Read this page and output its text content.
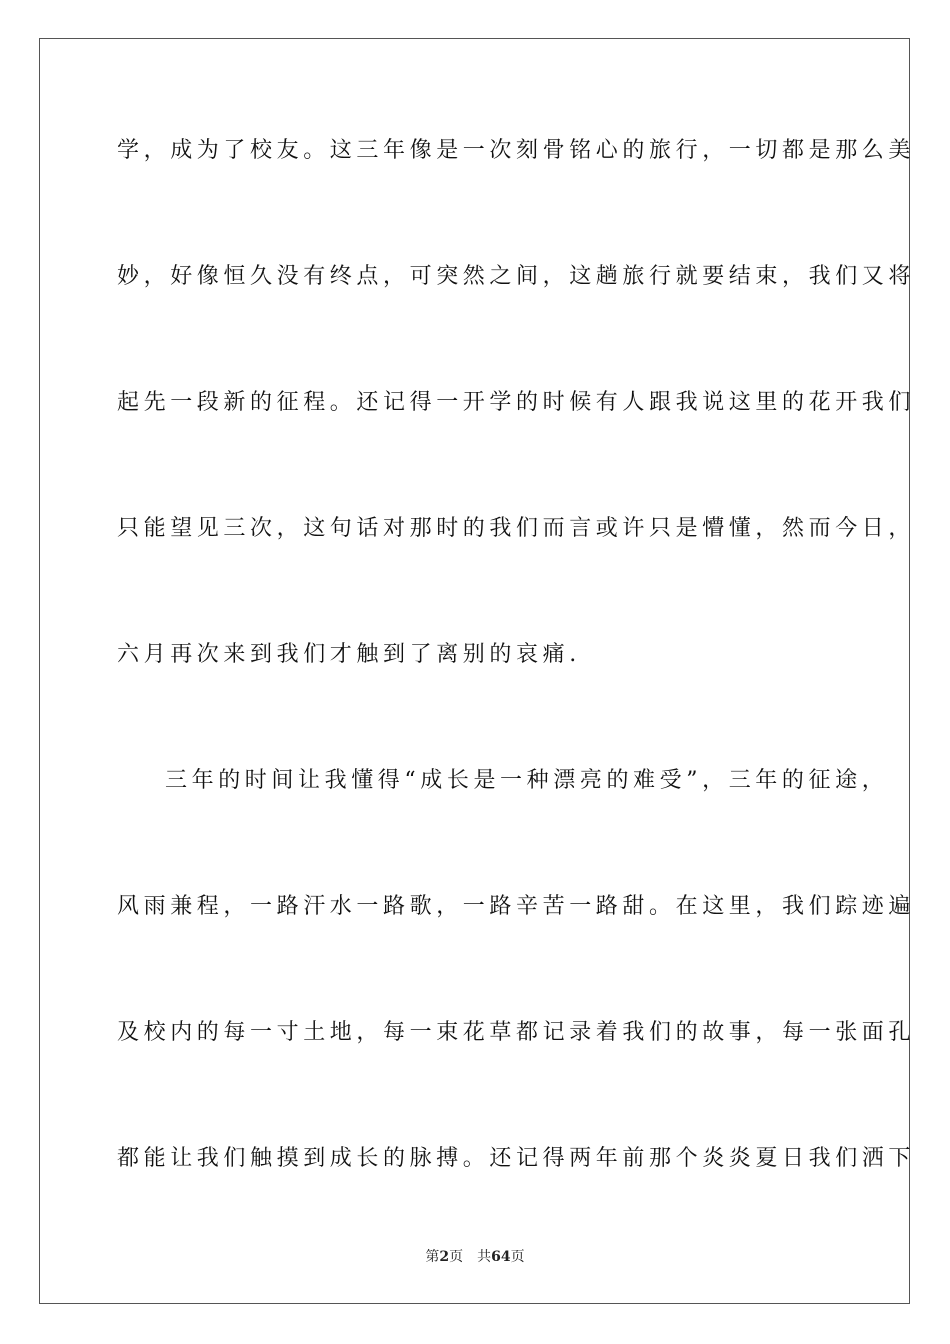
学，成为了校友。这三年像是一次刻骨铭心的旅行，一切都是那么美
妙，好像恒久没有终点，可突然之间，这趟旅行就要结束，我们又将
起先一段新的征程。还记得一开学的时候有人跟我说这里的花开我们
只能望见三次，这句话对那时的我们而言或许只是懵懂，然而今日，
六月再次来到我们才触到了离别的哀痛.
三年的时间让我懂得“成长是一种漂亮的难受”，三年的征途，
风雨兼程，一路汗水一路歌，一路辛苦一路甜。在这里，我们踪迹遍
及校内的每一寸土地，每一束花草都记录着我们的故事，每一张面孔
都能让我们触摸到成长的脉搏。还记得两年前那个炎炎夏日我们洒下
第2页 共64页
